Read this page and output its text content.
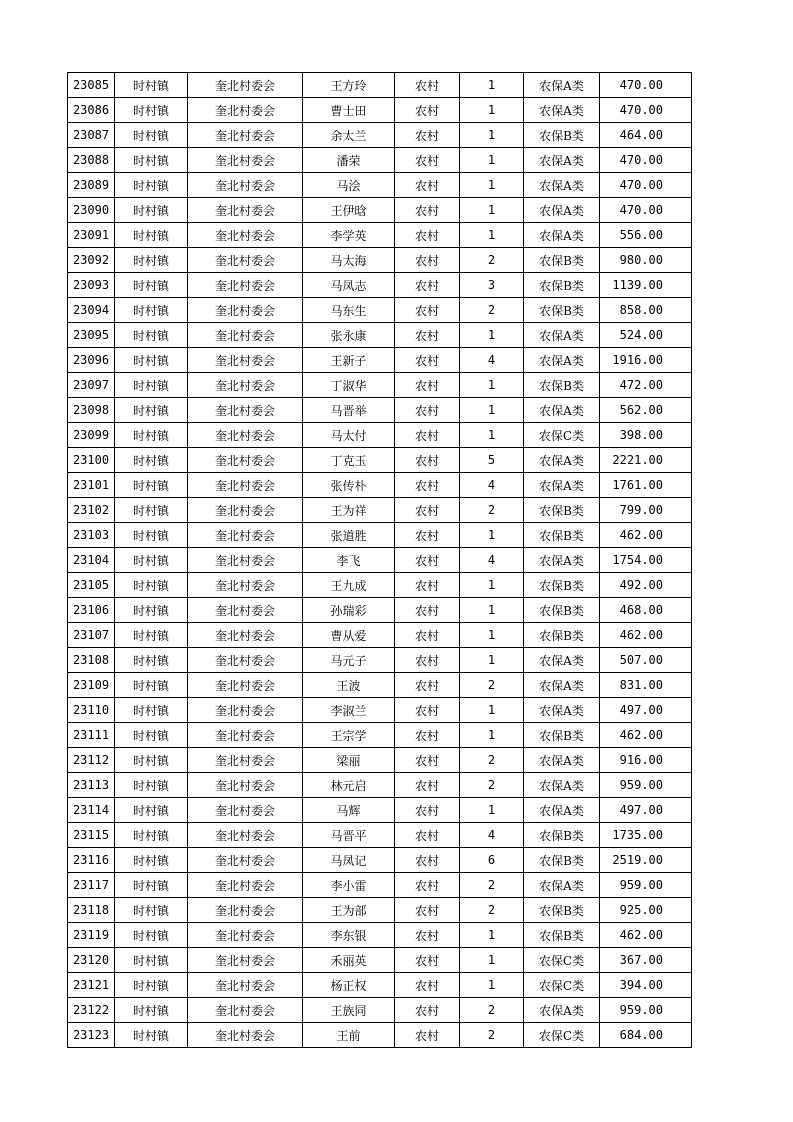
23085	时村镇	奎北村委会	王方玲	农村	1	农保A类	470.00
23086	时村镇	奎北村委会	曹士田	农村	1	农保A类	470.00
23087	时村镇	奎北村委会	余太兰	农村	1	农保B类	464.00
23088	时村镇	奎北村委会	潘荣	农村	1	农保A类	470.00
23089	时村镇	奎北村委会	马浍	农村	1	农保A类	470.00
23090	时村镇	奎北村委会	王伊晗	农村	1	农保A类	470.00
23091	时村镇	奎北村委会	李学英	农村	1	农保A类	556.00
23092	时村镇	奎北村委会	马太海	农村	2	农保B类	980.00
23093	时村镇	奎北村委会	马凤志	农村	3	农保B类	1139.00
23094	时村镇	奎北村委会	马东生	农村	2	农保B类	858.00
23095	时村镇	奎北村委会	张永康	农村	1	农保A类	524.00
23096	时村镇	奎北村委会	王新子	农村	4	农保A类	1916.00
23097	时村镇	奎北村委会	丁淑华	农村	1	农保B类	472.00
23098	时村镇	奎北村委会	马晋举	农村	1	农保A类	562.00
23099	时村镇	奎北村委会	马太付	农村	1	农保C类	398.00
23100	时村镇	奎北村委会	丁克玉	农村	5	农保A类	2221.00
23101	时村镇	奎北村委会	张传朴	农村	4	农保A类	1761.00
23102	时村镇	奎北村委会	王为祥	农村	2	农保B类	799.00
23103	时村镇	奎北村委会	张道胜	农村	1	农保B类	462.00
23104	时村镇	奎北村委会	李飞	农村	4	农保A类	1754.00
23105	时村镇	奎北村委会	王九成	农村	1	农保B类	492.00
23106	时村镇	奎北村委会	孙瑞彩	农村	1	农保B类	468.00
23107	时村镇	奎北村委会	曹从爱	农村	1	农保B类	462.00
23108	时村镇	奎北村委会	马元子	农村	1	农保A类	507.00
23109	时村镇	奎北村委会	王波	农村	2	农保A类	831.00
23110	时村镇	奎北村委会	李淑兰	农村	1	农保A类	497.00
23111	时村镇	奎北村委会	王宗学	农村	1	农保B类	462.00
23112	时村镇	奎北村委会	梁丽	农村	2	农保A类	916.00
23113	时村镇	奎北村委会	林元启	农村	2	农保A类	959.00
23114	时村镇	奎北村委会	马辉	农村	1	农保A类	497.00
23115	时村镇	奎北村委会	马晋平	农村	4	农保B类	1735.00
23116	时村镇	奎北村委会	马凤记	农村	6	农保B类	2519.00
23117	时村镇	奎北村委会	李小雷	农村	2	农保A类	959.00
23118	时村镇	奎北村委会	王为部	农村	2	农保B类	925.00
23119	时村镇	奎北村委会	李东银	农村	1	农保B类	462.00
23120	时村镇	奎北村委会	禾丽英	农村	1	农保C类	367.00
23121	时村镇	奎北村委会	杨正权	农村	1	农保C类	394.00
23122	时村镇	奎北村委会	王族同	农村	2	农保A类	959.00
23123	时村镇	奎北村委会	王前	农村	2	农保C类	684.00
